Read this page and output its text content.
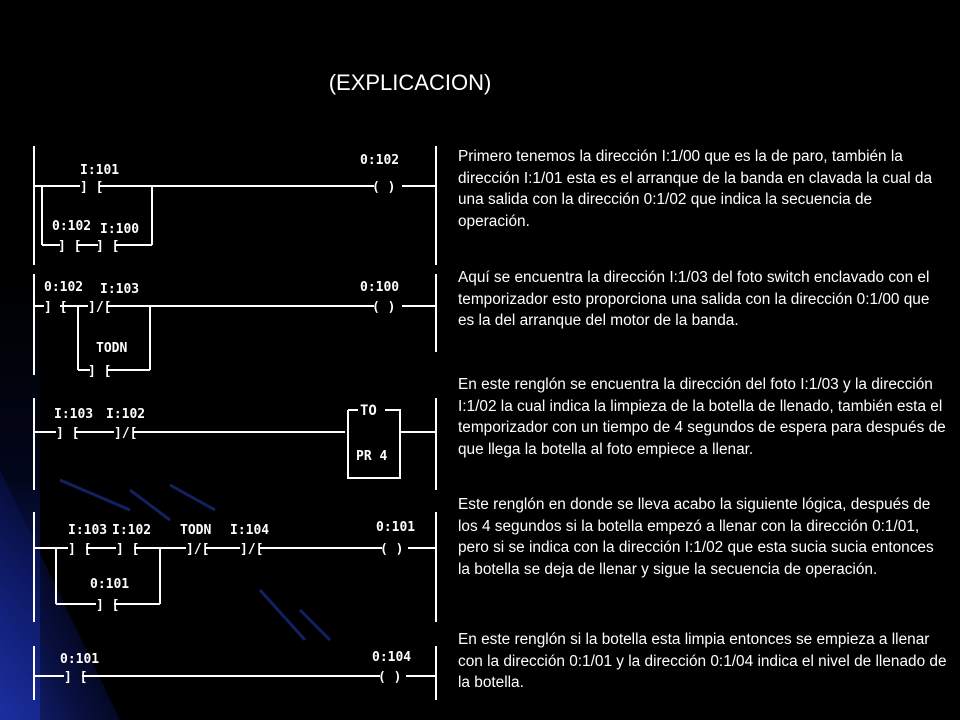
(EXPLICACION)

Primero tenemos la dirección I:1/00 que es la de paro, también la dirección I:1/01 esta es el arranque de la banda en clavada la cual da una salida con la dirección 0:1/02 que indica la secuencia de operación.

Aquí se encuentra la dirección I:1/03 del foto switch enclavado con el temporizador esto proporciona una salida con la dirección 0:1/00 que es la del arranque del motor de la banda.

En este renglón se encuentra la dirección del foto I:1/03 y la dirección I:1/02 la cual indica la limpieza de la botella de llenado, también esta el temporizador con un tiempo de 4 segundos de espera para después de que llega la botella al foto empiece a llenar.

Este renglón en donde se lleva acabo la siguiente lógica, después de los 4 segundos si la botella empezó a llenar con la dirección 0:1/01, pero si se indica con la dirección I:1/02 que esta sucia sucia entonces la botella se deja de llenar y sigue la secuencia de operación.

En este renglón si la botella esta limpia entonces se empieza a llenar con la dirección 0:1/01 y la dirección 0:1/04 indica el nivel de llenado de la botella.

I:101
] [
0:102
] [
I:100
] [
0:102
( )
0:102
] [
I:103
]/[
TODN
] [
0:100
( )
I:103
] [
I:102
]/[
TO
PR 4
I:103
] [
I:102
] [
TODN
]/[
I:104
]/[
0:101
] [
0:101
( )
0:101
] [
0:104
( )
